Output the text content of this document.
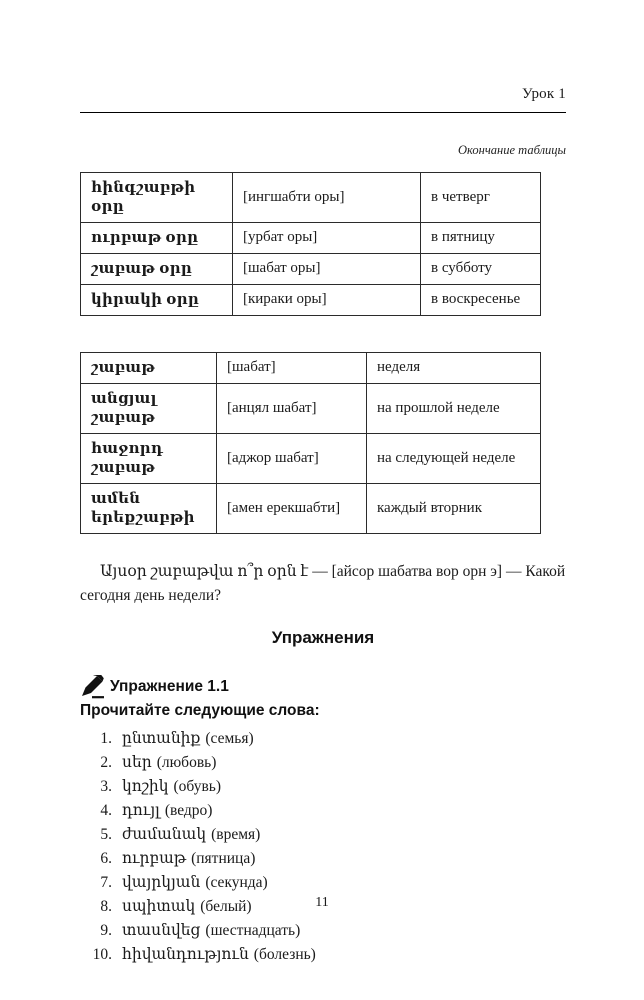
Урок 1
Окончание таблицы
հինգշաբթի օրը	[ингшабти оры]	в четверг
ուրբաթ օրը	[урбат оры]	в пятницу
շաբաթ օրը	[шабат оры]	в субботу
կիրակի օրը	[кираки оры]	в воскресенье
շաբաթ	[шабат]	неделя
անցյալ շաբաթ	[анцял шабат]	на прошлой неделе
հաջորդ շաբաթ	[аджор шабат]	на следующей неделе
ամեն երեքշաբթի	[амен ерекшабти]	каждый вторник

Այսօր շաբաթվա ո՞ր օրն է — [айсор шабатва вор орн э] — Какой сегодня день недели?

Упражнения
Упражнение 1.1
Прочитайте следующие слова:
1. ընտանիք (семья)
2. սեր (любовь)
3. կոշիկ (обувь)
4. դույլ (ведро)
5. ժամանակ (время)
6. ուրբաթ (пятница)
7. վայրկյան (секунда)
8. սպիտակ (белый)
9. տասնվեց (шестнадцать)
10. հիվանդություն (болезнь)
11
